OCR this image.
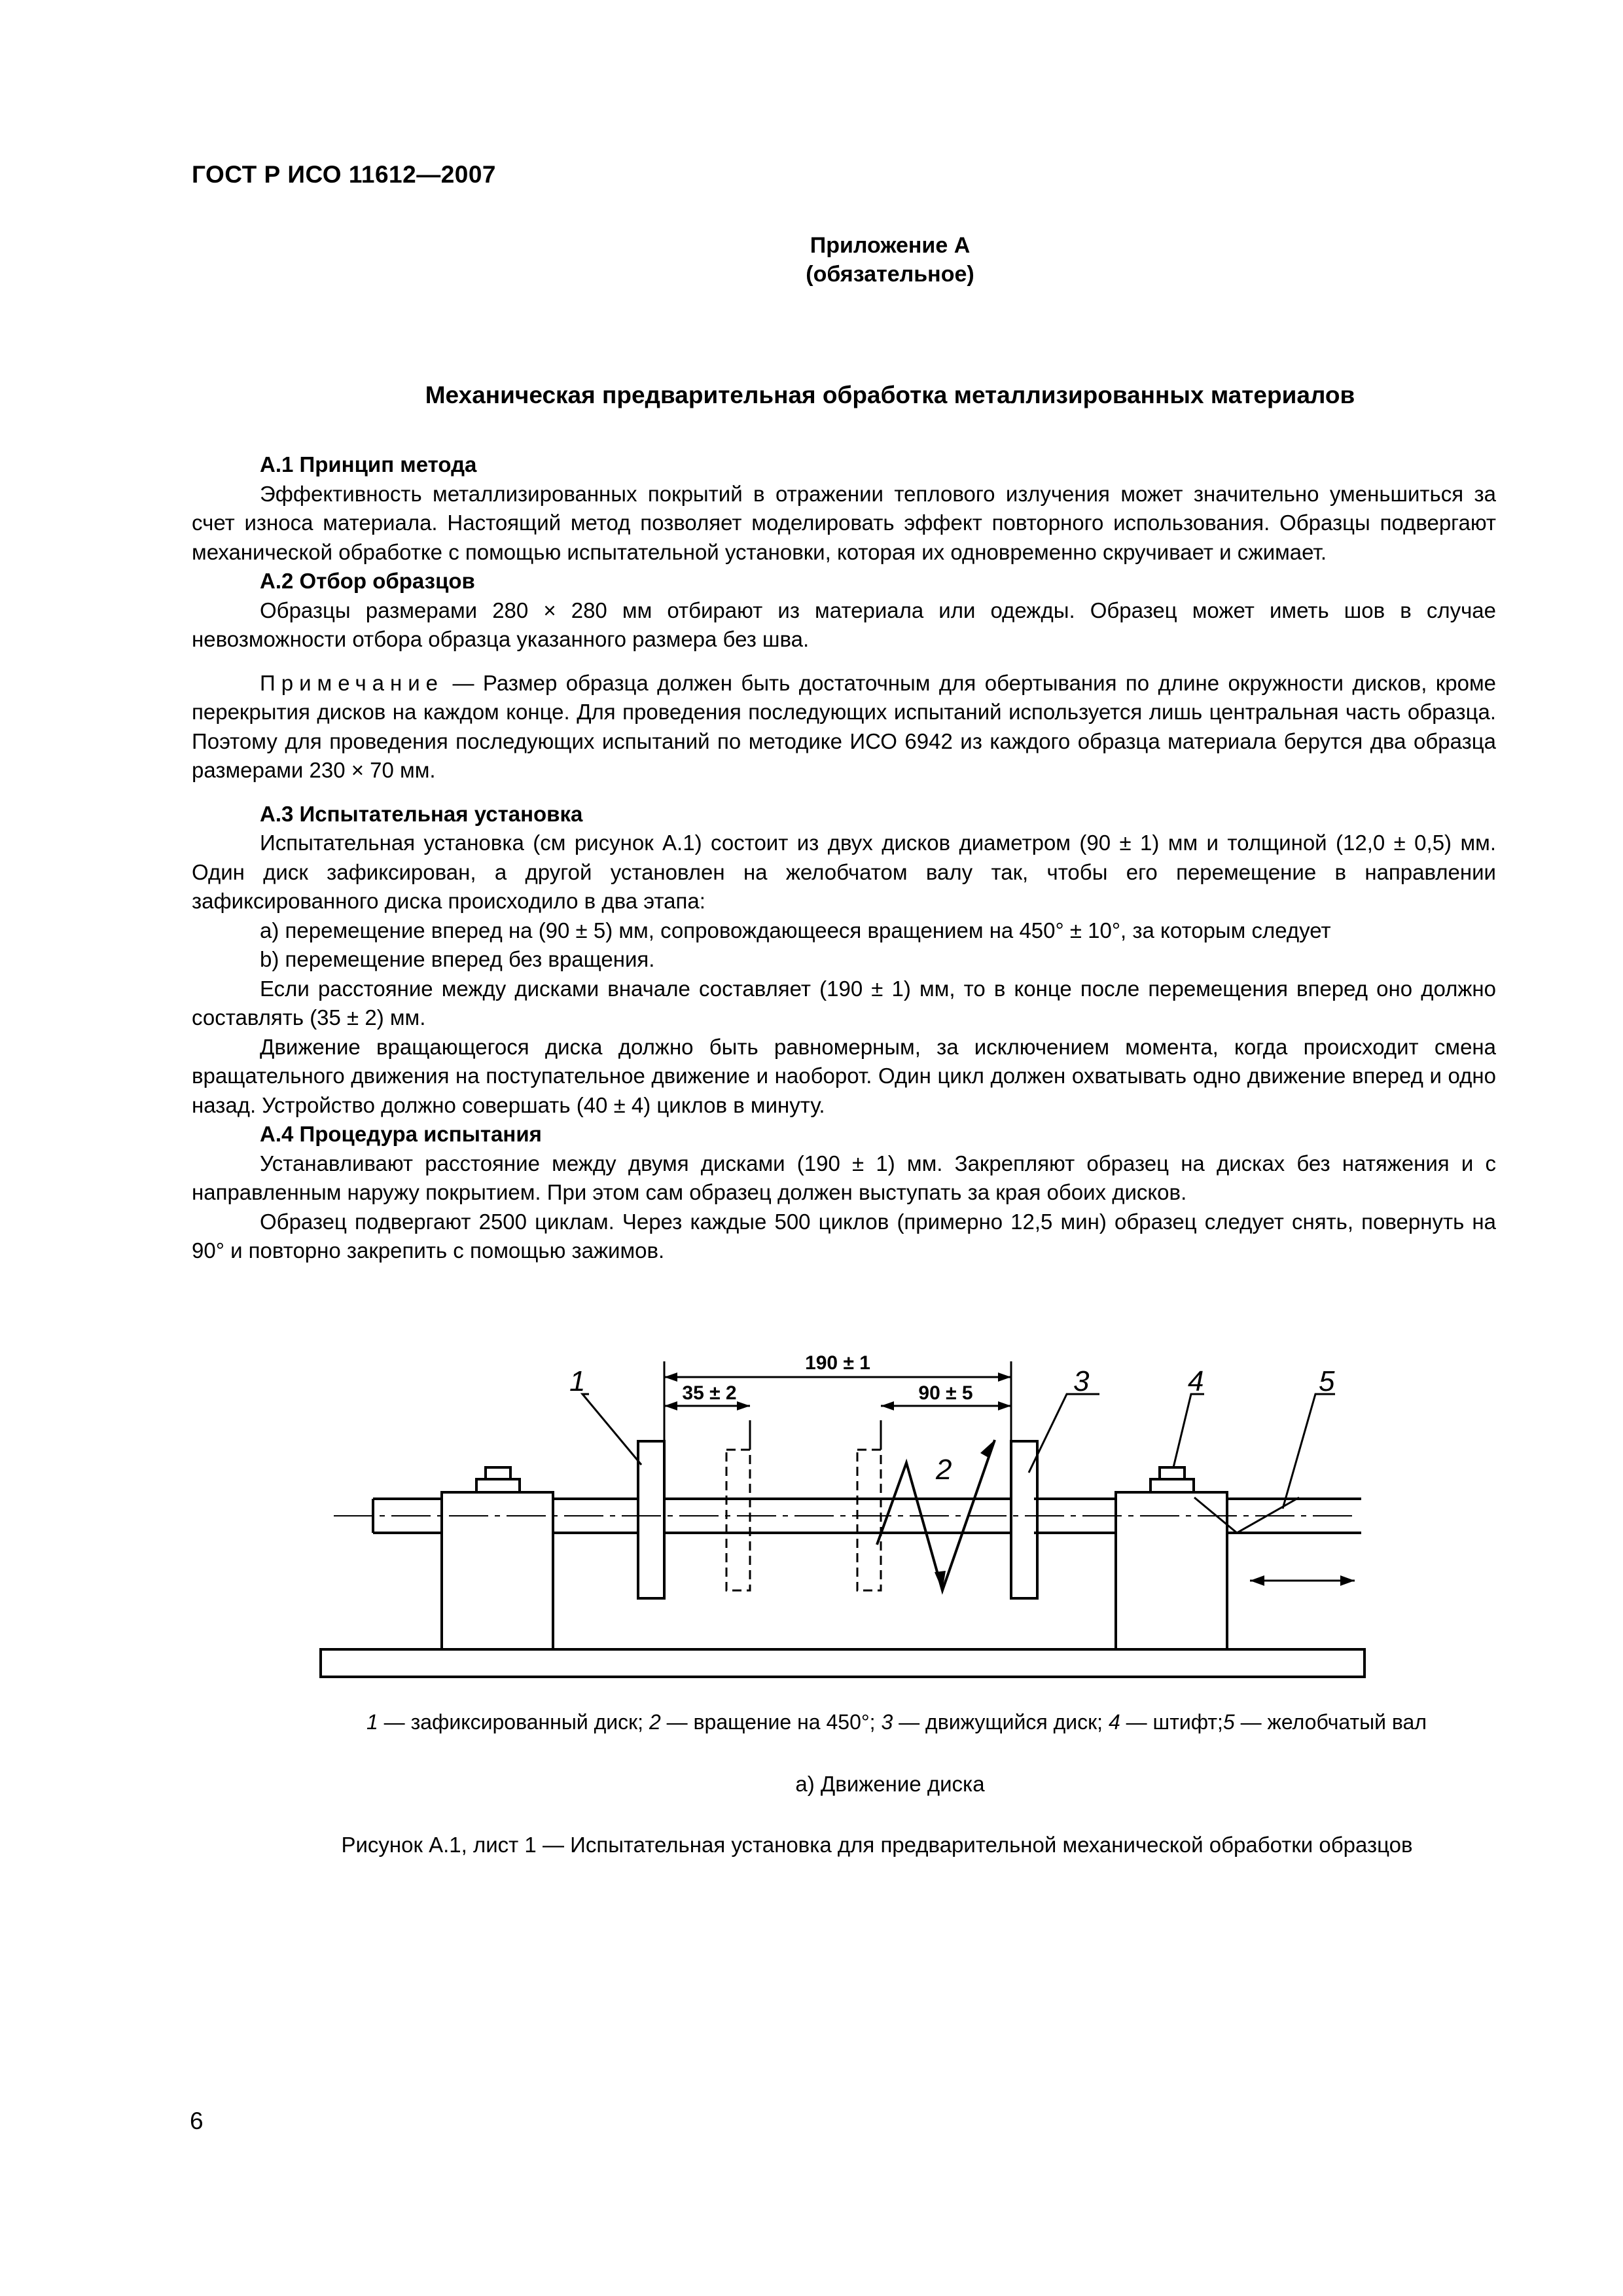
ГОСТ Р ИСО 11612—2007
Приложение А
(обязательное)
Механическая предварительная обработка металлизированных материалов

А.1 Принцип метода

Эффективность металлизированных покрытий в отражении теплового излучения может значительно уменьшиться за счет износа материала. Настоящий метод позволяет моделировать эффект повторного использования. Образцы подвергают механической обработке с помощью испытательной установки, которая их одновременно скручивает и сжимает.

А.2 Отбор образцов

Образцы размерами 280 × 280 мм отбирают из материала или одежды. Образец может иметь шов в случае невозможности отбора образца указанного размера без шва.

Примечание — Размер образца должен быть достаточным для обертывания по длине окружности дисков, кроме перекрытия дисков на каждом конце. Для проведения последующих испытаний используется лишь центральная часть образца. Поэтому для проведения последующих испытаний по методике ИСО 6942 из каждого образца материала берутся два образца размерами 230 × 70 мм.

А.3 Испытательная установка

Испытательная установка (см рисунок А.1) состоит из двух дисков диаметром (90 ± 1) мм и толщиной (12,0 ± 0,5) мм. Один диск зафиксирован, а другой установлен на желобчатом валу так, чтобы его перемещение в направлении зафиксированного диска происходило в два этапа:

а) перемещение вперед на (90 ± 5) мм, сопровождающееся вращением на 450° ± 10°, за которым следует

b) перемещение вперед без вращения.

Если расстояние между дисками вначале составляет (190 ± 1) мм, то в конце после перемещения вперед оно должно составлять (35 ± 2) мм.

Движение вращающегося диска должно быть равномерным, за исключением момента, когда происходит смена вращательного движения на поступательное движение и наоборот. Один цикл должен охватывать одно движение вперед и одно назад. Устройство должно совершать (40 ± 4) циклов в минуту.

А.4 Процедура испытания

Устанавливают расстояние между двумя дисками (190 ± 1) мм. Закрепляют образец на дисках без натяжения и с направленным наружу покрытием. При этом сам образец должен выступать за края обоих дисков.

Образец подвергают 2500 циклам. Через каждые 500 циклов (примерно 12,5 мин) образец следует снять, повернуть на 90° и повторно закрепить с помощью зажимов.

190 ± 1
35 ± 2	90 ± 5
1
2
3	4	5
1 — зафиксированный диск; 2 — вращение на 450°; 3 — движущийся диск; 4 — штифт;5 — желобчатый вал
а) Движение диска
Рисунок А.1, лист 1 — Испытательная установка для предварительной механической обработки образцов
6
